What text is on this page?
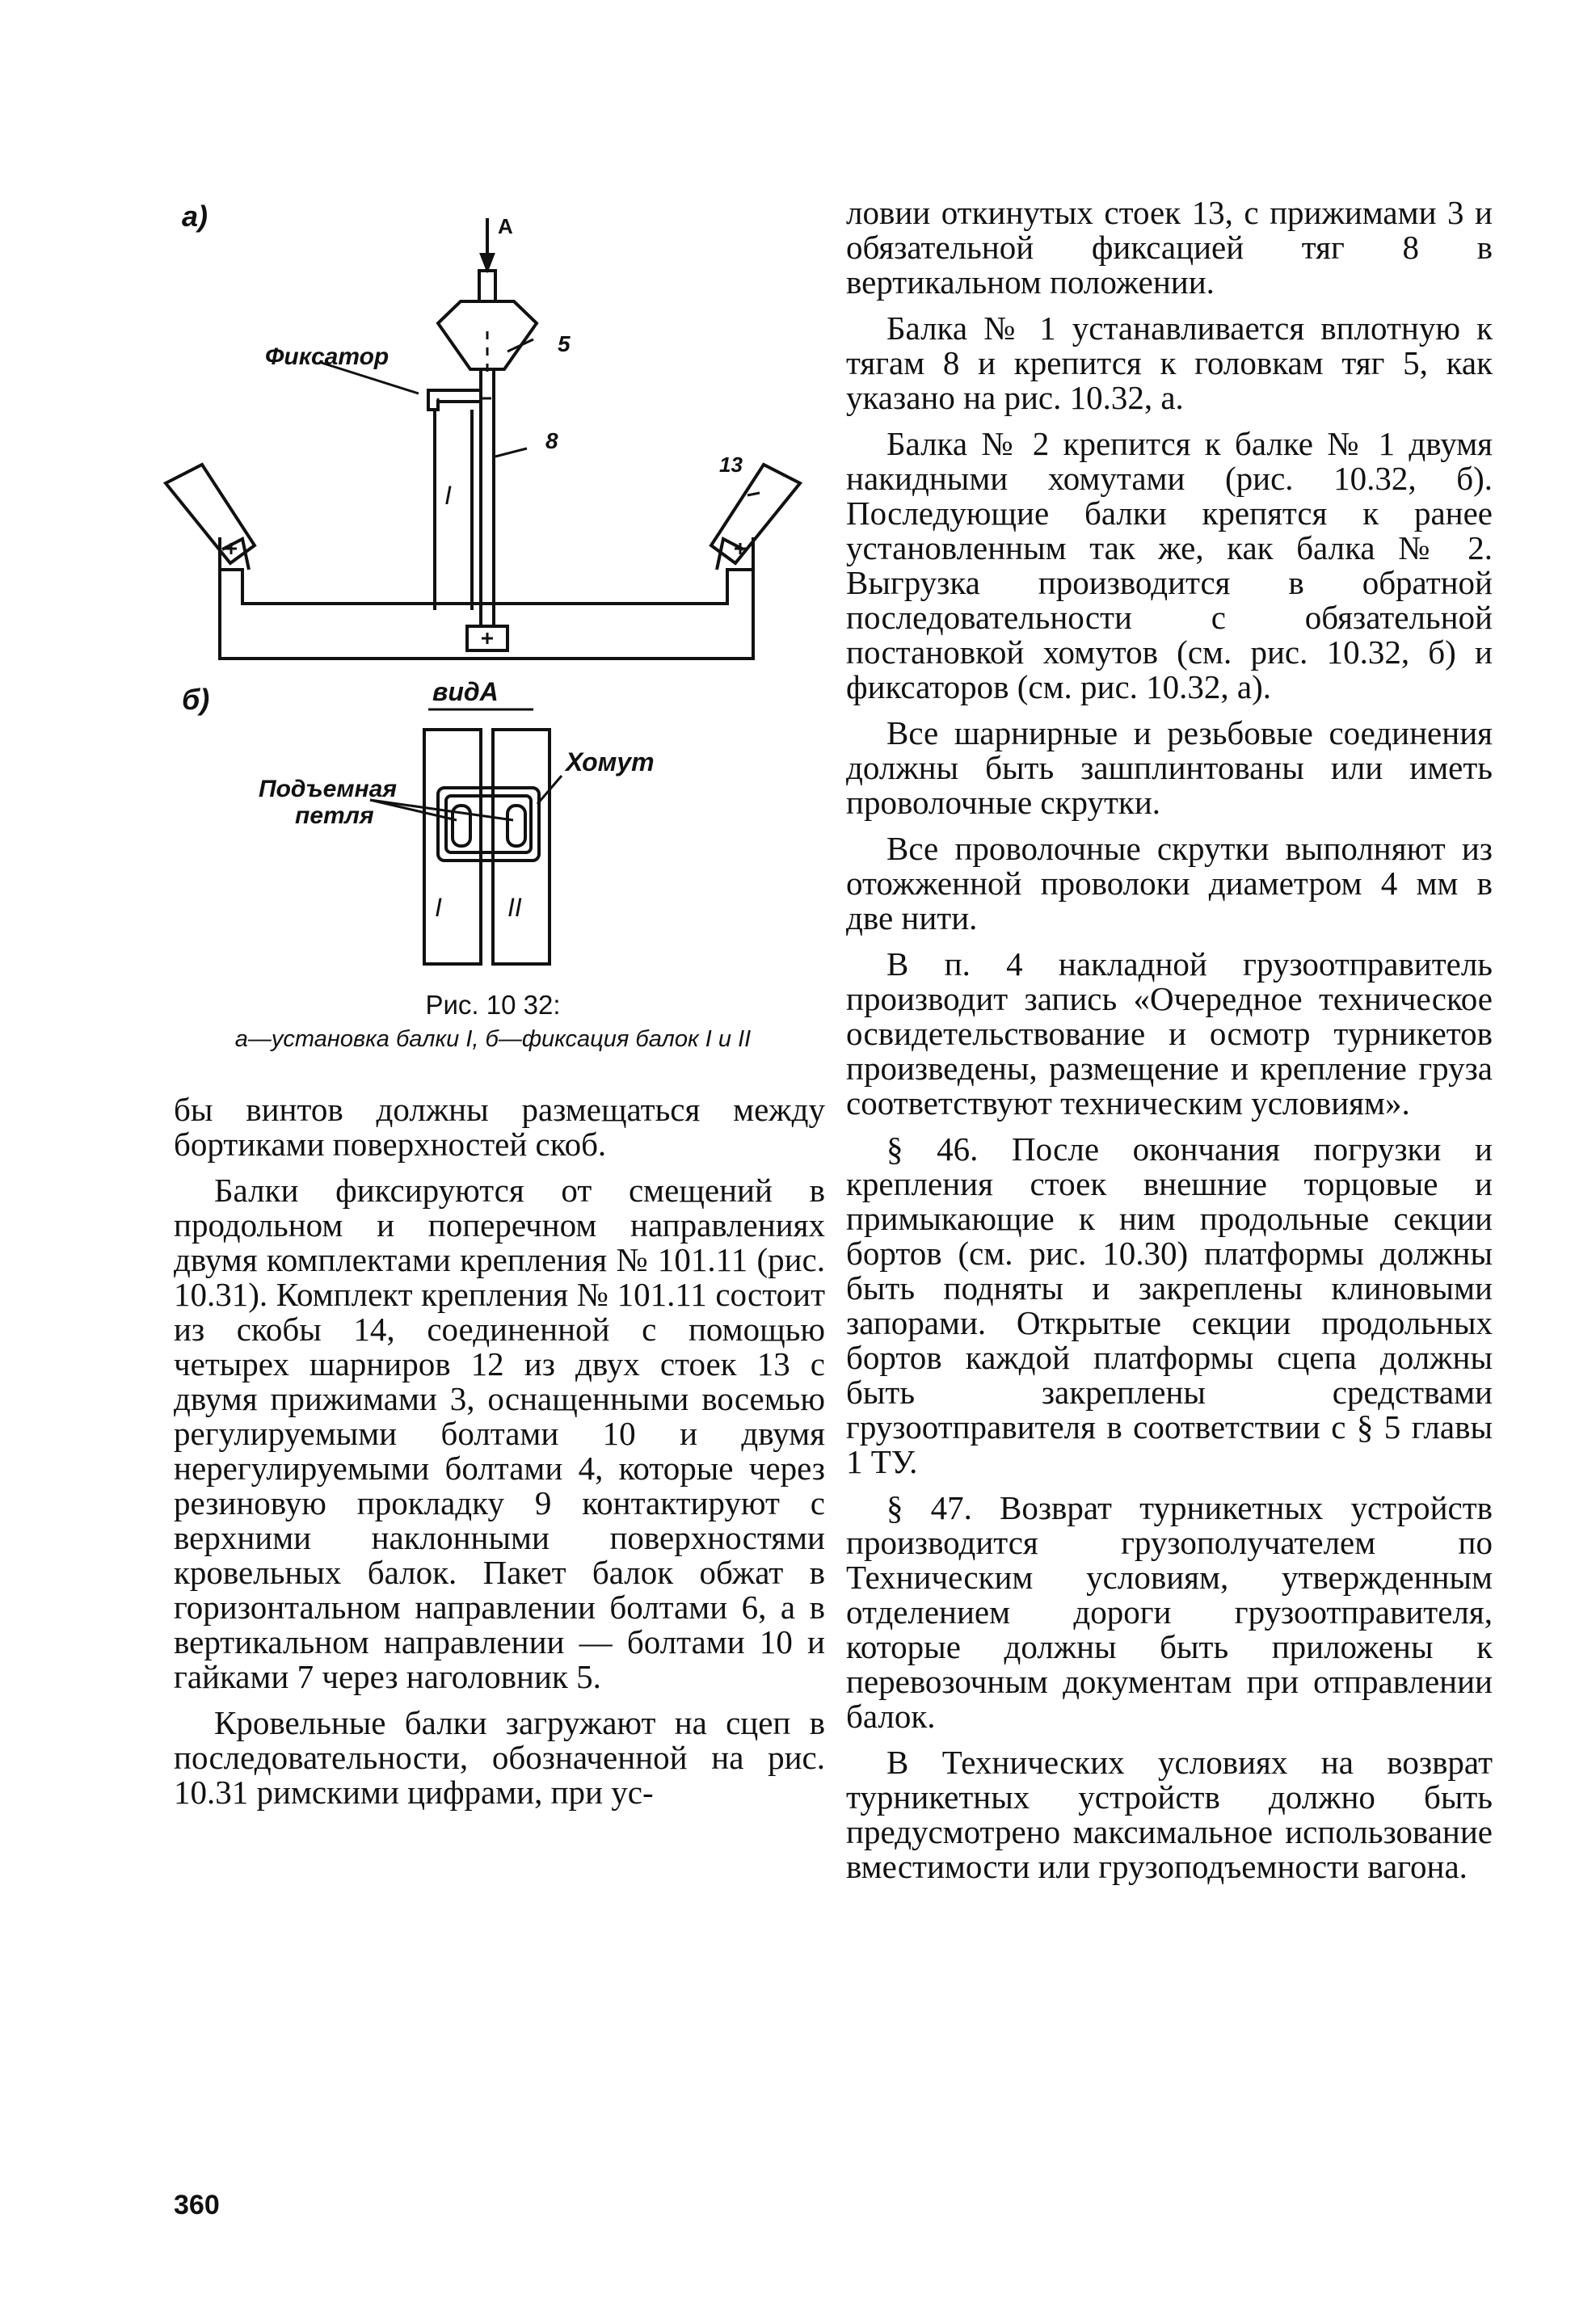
а)	А
Фиксатор	5
8
13
I
б)	видА
Подъемная
петля
Хомут
I	II
Рис. 10 32:
а—установка балки I, б—фиксация балок I и II

бы винтов должны размещаться между бортиками поверхностей скоб.

Балки фиксируются от смещений в продольном и поперечном направлениях двумя комплектами крепления № 101.11 (рис. 10.31). Комплект крепления № 101.11 состоит из скобы 14, соединенной с помощью четырех шарниров 12 из двух стоек 13 с двумя прижимами 3, оснащенными восемью регулируемыми болтами 10 и двумя нерегулируемыми болтами 4, которые через резиновую прокладку 9 контактируют с верхними наклонными поверхностями кровельных балок. Пакет балок обжат в горизонтальном направлении болтами 6, а в вертикальном направлении — болтами 10 и гайками 7 через наголовник 5.

Кровельные балки загружают на сцеп в последовательности, обозначенной на рис. 10.31 римскими цифрами, при ус-

ловии откинутых стоек 13, с прижимами 3 и обязательной фиксацией тяг 8 в вертикальном положении.

Балка № 1 устанавливается вплотную к тягам 8 и крепится к головкам тяг 5, как указано на рис. 10.32, а.

Балка № 2 крепится к балке № 1 двумя накидными хомутами (рис. 10.32, б). Последующие балки крепятся к ранее установленным так же, как балка № 2. Выгрузка производится в обратной последовательности с обязательной постановкой хомутов (см. рис. 10.32, б) и фиксаторов (см. рис. 10.32, а).

Все шарнирные и резьбовые соединения должны быть зашплинтованы или иметь проволочные скрутки.

Все проволочные скрутки выполняют из отожженной проволоки диаметром 4 мм в две нити.

В п. 4 накладной грузоотправитель производит запись «Очередное техническое освидетельствование и осмотр турникетов произведены, размещение и крепление груза соответствуют техническим условиям».

§ 46. После окончания погрузки и крепления стоек внешние торцовые и примыкающие к ним продольные секции бортов (см. рис. 10.30) платформы должны быть подняты и закреплены клиновыми запорами. Открытые секции продольных бортов каждой платформы сцепа должны быть закреплены средствами грузоотправителя в соответствии с § 5 главы 1 ТУ.

§ 47. Возврат турникетных устройств производится грузополучателем по Техническим условиям, утвержденным отделением дороги грузоотправителя, которые должны быть приложены к перевозочным документам при отправлении балок.

В Технических условиях на возврат турникетных устройств должно быть предусмотрено максимальное использование вместимости или грузоподъемности вагона.

360
